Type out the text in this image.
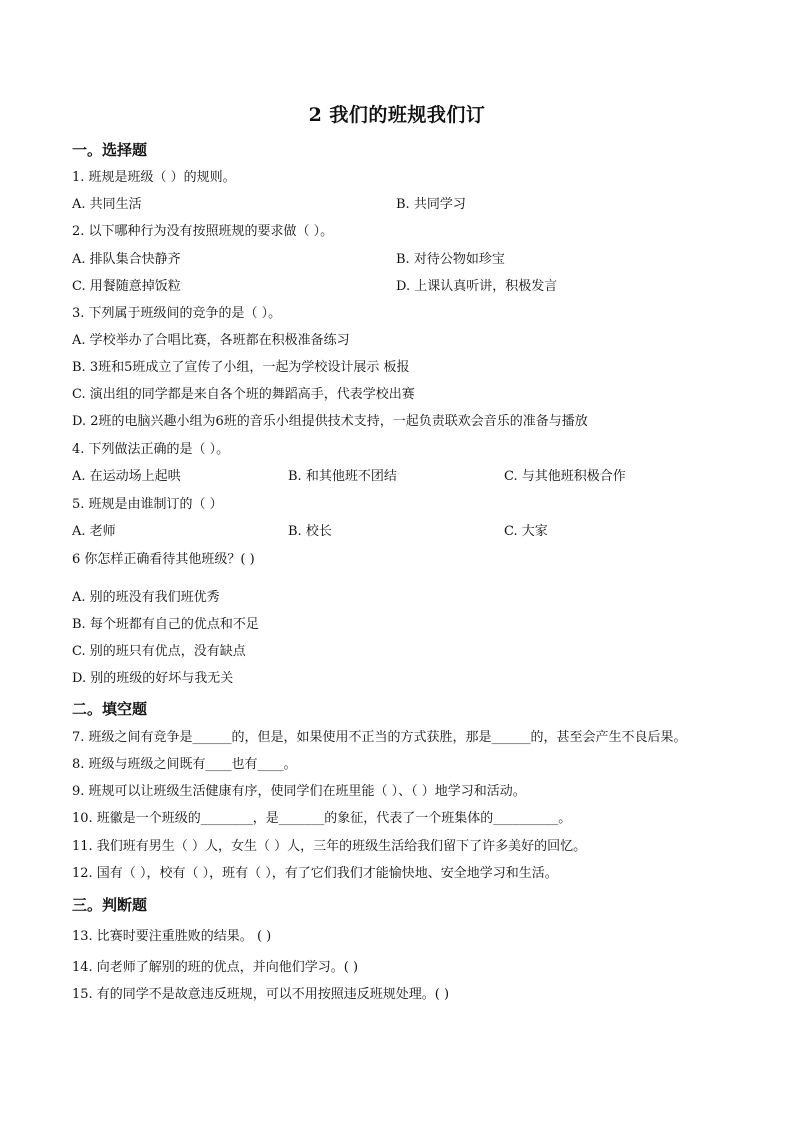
2 我们的班规我们订
一。选择题
1. 班规是班级（ ）的规则。
A. 共同生活	B. 共同学习
2. 以下哪种行为没有按照班规的要求做（ ）。
A. 排队集合快静齐	B. 对待公物如珍宝
C. 用餐随意掉饭粒	D. 上课认真听讲，积极发言
3. 下列属于班级间的竞争的是（ ）。
A. 学校举办了合唱比赛，各班都在积极准备练习
B. 3班和5班成立了宣传了小组，一起为学校设计展示 板报
C. 演出组的同学都是来自各个班的舞蹈高手，代表学校出赛
D. 2班的电脑兴趣小组为6班的音乐小组提供技术支持，一起负责联欢会音乐的准备与播放
4. 下列做法正确的是（ ）。
A. 在运动场上起哄	B. 和其他班不团结	C. 与其他班积极合作
5. 班规是由谁制订的（ ）
A. 老师	B. 校长	C. 大家
6 你怎样正确看待其他班级？( )
A. 别的班没有我们班优秀
B. 每个班都有自己的优点和不足
C. 别的班只有优点，没有缺点
D. 别的班级的好坏与我无关
二。填空题
7. 班级之间有竞争是______的，但是，如果使用不正当的方式获胜，那是______的，甚至会产生不良后果。
8. 班级与班级之间既有____也有____。
9. 班规可以让班级生活健康有序，使同学们在班里能（ ）、（ ）地学习和活动。
10. 班徽是一个班级的________，是_______的象征，代表了一个班集体的__________。
11. 我们班有男生（ ）人，女生（ ）人，三年的班级生活给我们留下了许多美好的回忆。
12. 国有（ ），校有（ ），班有（ ），有了它们我们才能愉快地、安全地学习和生活。
三。判断题
13. 比赛时要注重胜败的结果。 ( )
14. 向老师了解别的班的优点，并向他们学习。( )
15. 有的同学不是故意违反班规，可以不用按照违反班规处理。( )
